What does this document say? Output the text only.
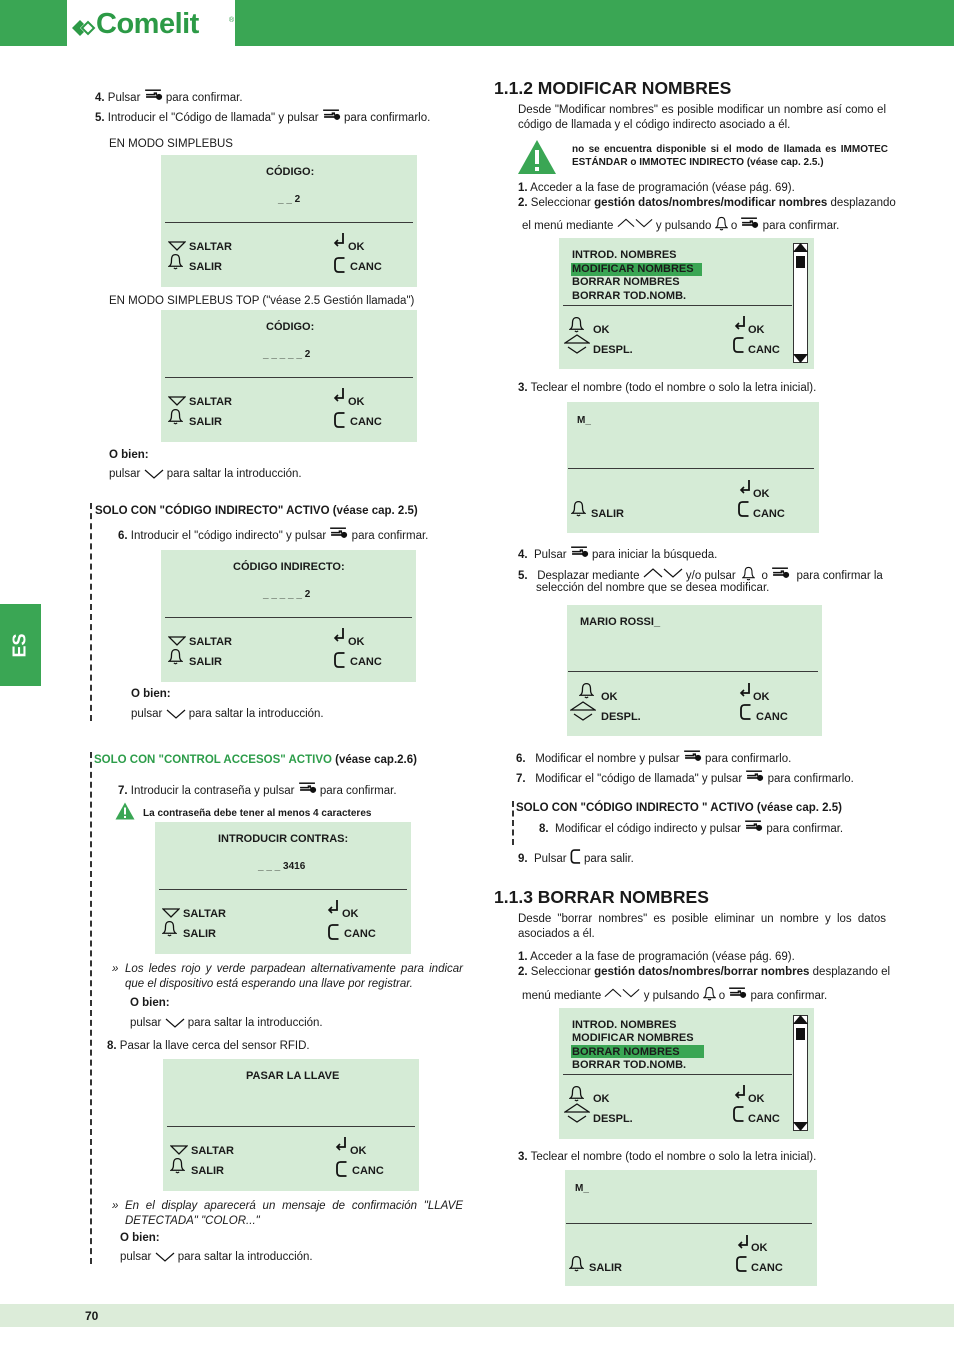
Comelit	®
ES
70
4. Pulsar para confirmar.
5. Introducir el "Código de llamada" y pulsar para confirmarlo.
EN MODO SIMPLEBUS
CÓDIGO:
_ _ 2
SALTAR
SALIR
OK
CANC
EN MODO SIMPLEBUS TOP ("véase 2.5 Gestión llamada")
CÓDIGO:
_ _ _ _ _ 2
SALTAR
SALIR
OK
CANC
O bien:
pulsar para saltar la introducción.
SOLO CON "CÓDIGO INDIRECTO" ACTIVO (véase cap. 2.5)
6. Introducir el "código indirecto" y pulsar para confirmar.
CÓDIGO INDIRECTO:
_ _ _ _ _ 2
SALTAR
SALIR
OK
CANC
O bien:
pulsar para saltar la introducción.
SOLO CON "CONTROL ACCESOS" ACTIVO (véase cap.2.6)
7. Introducir la contraseña y pulsar para confirmar.
La contraseña debe tener al menos 4 caracteres
INTRODUCIR CONTRAS:
_ _ _ 3416
SALTAR
SALIR
OK
CANC
» Los ledes rojo y verde parpadean alternativamente para indicar que el dispositivo está esperando una llave por registrar.
O bien:
pulsar para saltar la introducción.
8. Pasar la llave cerca del sensor RFID.
PASAR LA LLAVE
SALTAR
SALIR
OK
CANC
» En el display aparecerá un mensaje de confirmación "LLAVE DETECTADA" "COLOR..."
O bien:
pulsar para saltar la introducción.
1.1.2 MODIFICAR NOMBRES
Desde "Modificar nombres" es posible modificar un nombre así como el código de llamada y el código indirecto asociado a él.
no se encuentra disponible si el modo de llamada es IMMOTEC ESTÁNDAR o IMMOTEC INDIRECTO (véase cap. 2.5.)
1. Acceder a la fase de programación (véase pág. 69).
2. Seleccionar gestión datos/nombres/modificar nombres desplazando
el menú mediante	y pulsando o para confirmar.
INTROD. NOMBRES
MODIFICAR NOMBRES
BORRAR NOMBRES
BORRAR TOD.NOMB.
OK
DESPL.
OK
CANC
3. Teclear el nombre (todo el nombre o solo la letra inicial).
M_
SALIR
OK
CANC
4. Pulsar para iniciar la búsqueda.
5. Desplazar mediante	y/o pulsar o para confirmar la
selección del nombre que se desea modificar.
MARIO ROSSI_
OK
DESPL.
OK
CANC
6. Modificar el nombre y pulsar para confirmarlo.
7. Modificar el "código de llamada" y pulsar para confirmarlo.
SOLO CON "CÓDIGO INDIRECTO " ACTIVO (véase cap. 2.5)
8. Modificar el código indirecto y pulsar para confirmar.
9. Pulsar para salir.
1.1.3 BORRAR NOMBRES
Desde "borrar nombres" es posible eliminar un nombre y los datos asociados a él.
1. Acceder a la fase de programación (véase pág. 69).
2. Seleccionar gestión datos/nombres/borrar nombres desplazando el
menú mediante	y pulsando o para confirmar.
INTROD. NOMBRES
MODIFICAR NOMBRES
BORRAR NOMBRES
BORRAR TOD.NOMB.
OK
DESPL.
OK
CANC
3. Teclear el nombre (todo el nombre o solo la letra inicial).
M_
SALIR
OK
CANC
